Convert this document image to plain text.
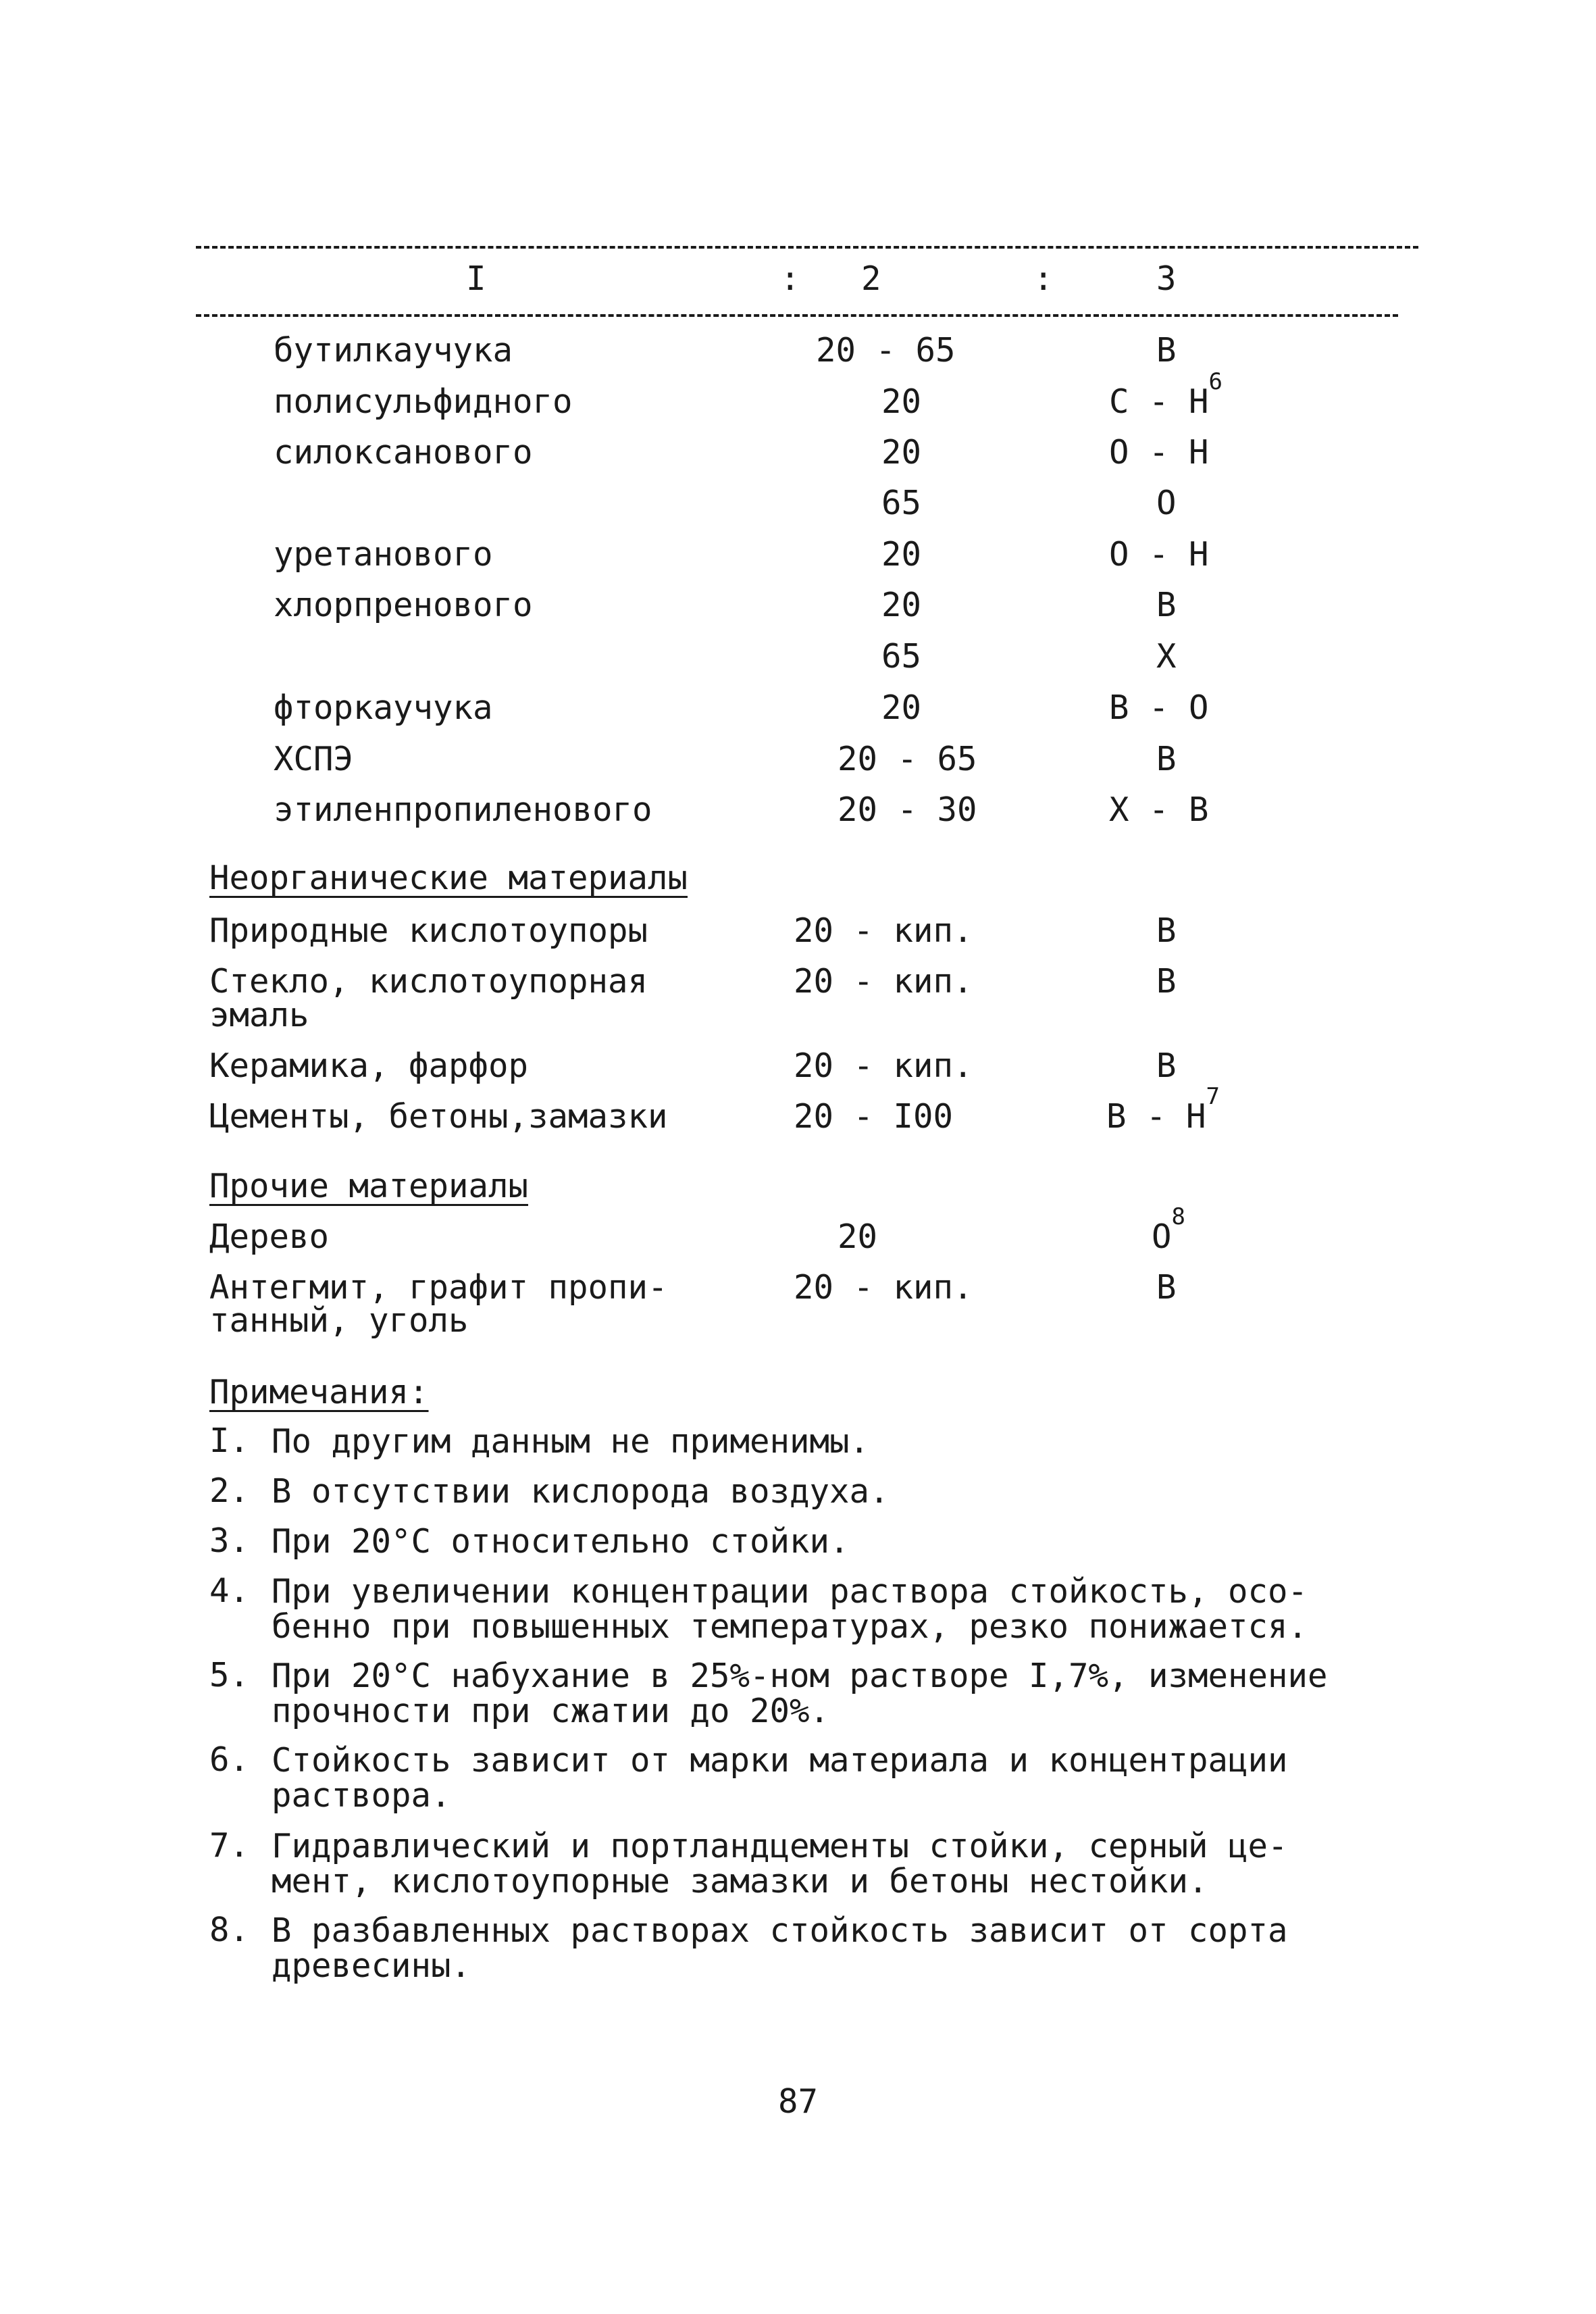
I	: 2	:	3
бутилкаучука	20 - 65	В
полисульфидного	20	С - $Н^6$
силоксанового	20	О - Н
65	О
уретанового	20	О - Н
хлорпренового	20	В
65	Х
фторкаучука	20	В - О
ХСПЭ	20 - 65	В
этиленпропиленового	20 - 30	Х - В
Неорганические материалы
Природные кислотоупоры	20 - кип.	В
Стекло, кислотоупорная
эмаль
20 - кип.	В
Керамика, фарфор	20 - кип.	В
Цементы, бетоны,замазки	20 - I00	В - $Н^7$
Прочие материалы
Дерево	20	$О^8$
Антегмит, графит пропи-
танный, уголь
20 - кип.	В
Примечания:
I. По другим данным не применимы.
2. В отсутствии кислорода воздуха.
3. При 20°С относительно стойки.
4. При увеличении концентрации раствора стойкость, осо-
бенно при повышенных температурах, резко понижается.
5. При 20°С набухание в 25%-ном растворе I,7%, изменение
прочности при сжатии до 20%.
6. Стойкость зависит от марки материала и концентрации
раствора.
7. Гидравлический и портландцементы стойки, серный це-
мент, кислотоупорные замазки и бетоны нестойки.
8. В разбавленных растворах стойкость зависит от сорта
древесины.
87
